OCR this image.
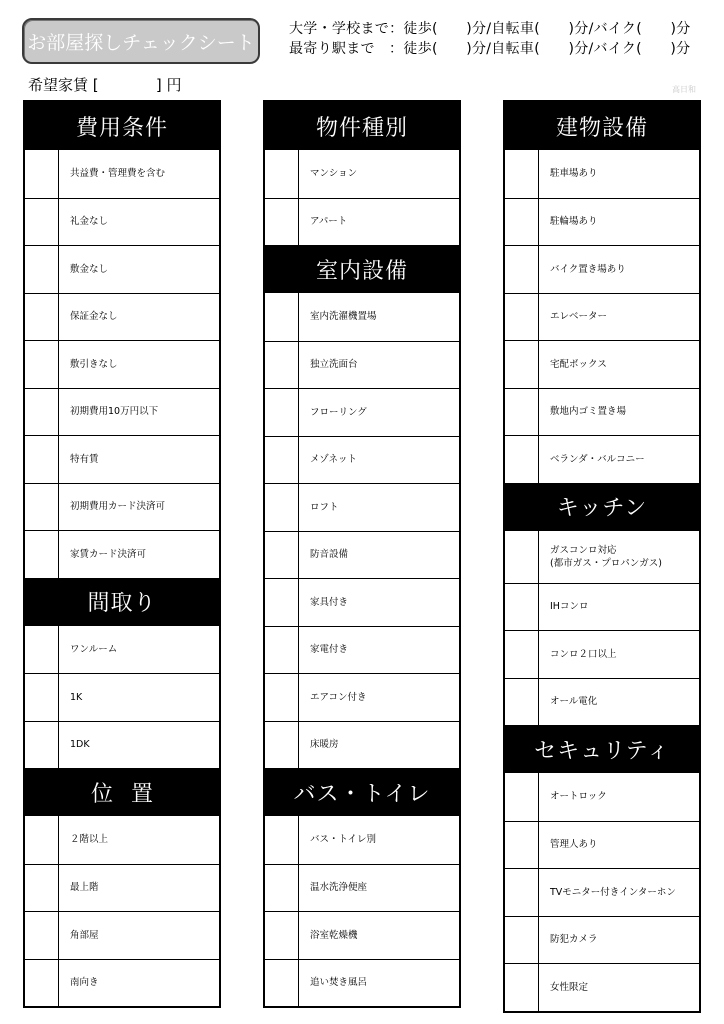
お部屋探しチェックシート
大学・学校まで：徒歩(      )分/自転車(      )分/バイク(      )分
最寄り駅まで   ：徒歩(      )分/自転車(      )分/バイク(      )分
希望家賃 [            ] 円	高日和
費用条件
共益費・管理費を含む
礼金なし
敷金なし
保証金なし
敷引きなし
初期費用10万円以下
特有賃
初期費用カード決済可
家賃カード決済可
間取り
ワンルーム
1K
1DK
位置
２階以上
最上階
角部屋
南向き
物件種別
マンション
アパート
室内設備
室内洗濯機置場
独立洗面台
フローリング
メゾネット
ロフト
防音設備
家具付き
家電付き
エアコン付き
床暖房
バス・トイレ
バス・トイレ別
温水洗浄便座
浴室乾燥機
追い焚き風呂
建物設備
駐車場あり
駐輪場あり
バイク置き場あり
エレベーター
宅配ボックス
敷地内ゴミ置き場
ベランダ・バルコニー
キッチン
ガスコンロ対応
(都市ガス・プロパンガス)
IHコンロ
コンロ２口以上
オール電化
セキュリティ
オートロック
管理人あり
TVモニター付きインターホン
防犯カメラ
女性限定
